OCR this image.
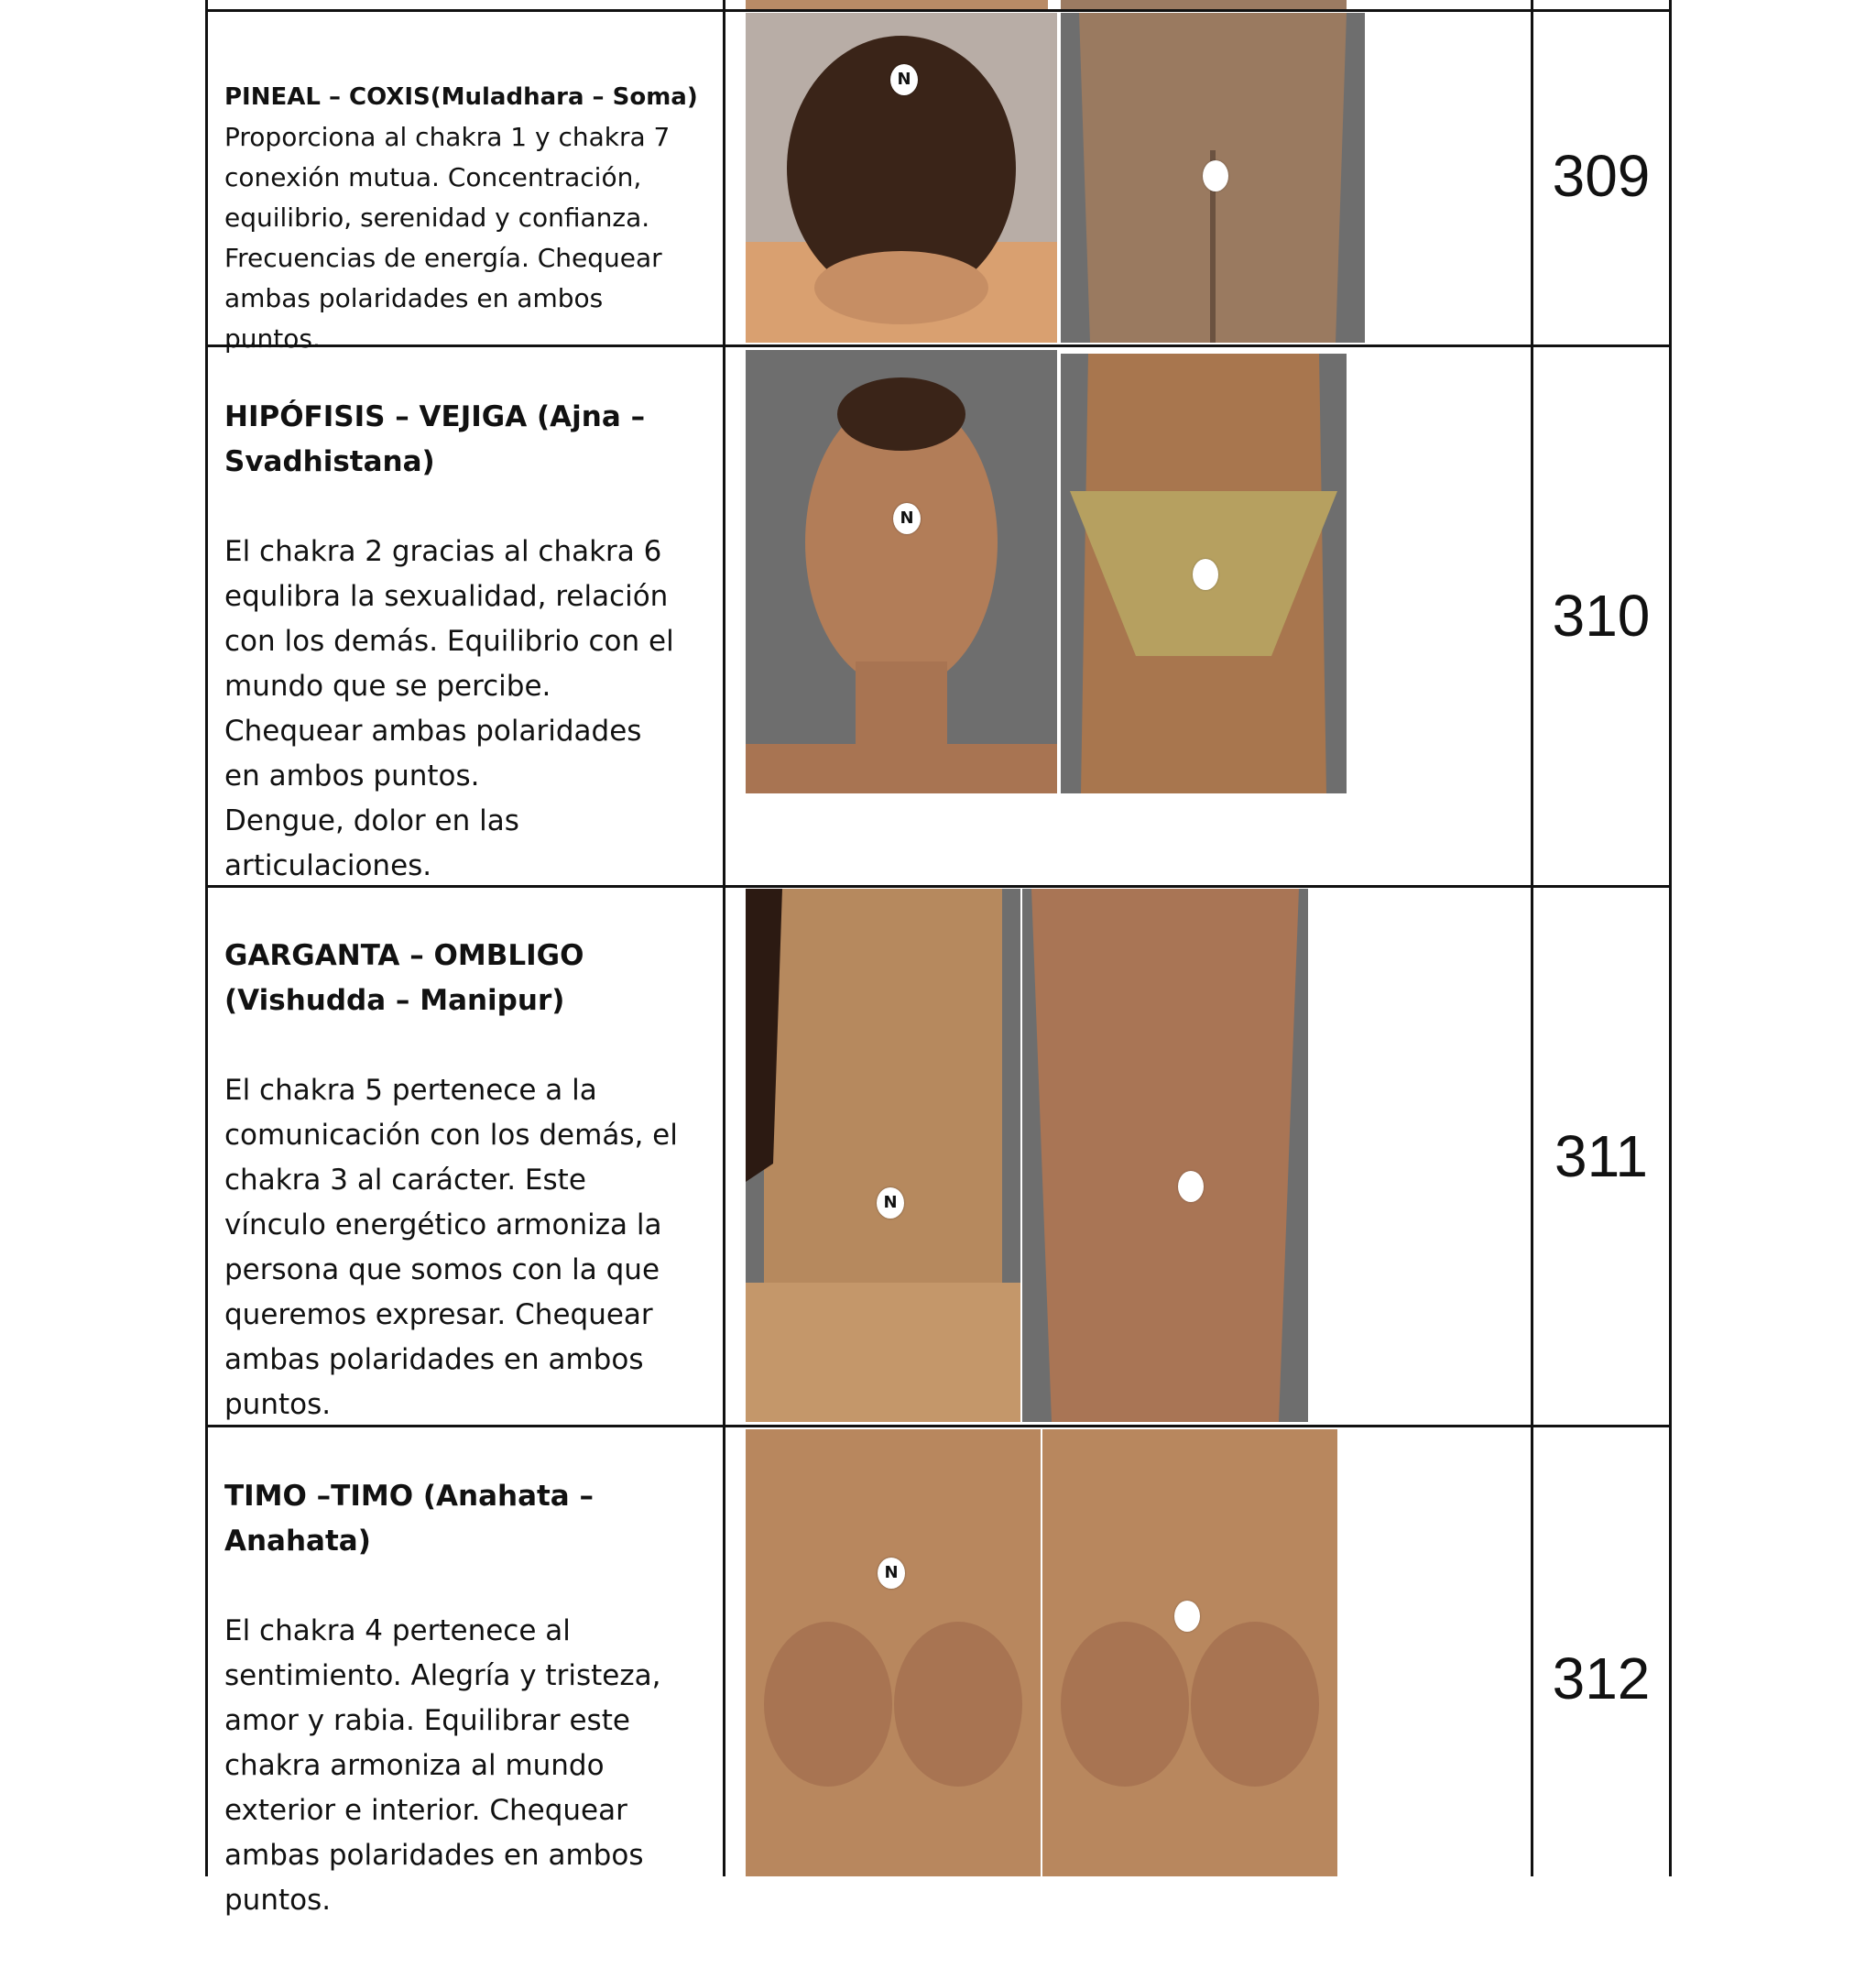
PINEAL – COXIS(Muladhara – Soma)
Proporciona al chakra 1 y chakra 7
conexión mutua. Concentración,
equilibrio, serenidad y confianza.
Frecuencias de energía. Chequear
ambas polaridades en ambos
puntos.

N
309

HIPÓFISIS – VEJIGA (Ajna –
Svadhistana)
El chakra 2 gracias al chakra 6
equlibra la sexualidad, relación
con los demás. Equilibrio con el
mundo que se percibe.
Chequear ambas polaridades
en ambos puntos.
Dengue, dolor en las
articulaciones.

N
310

GARGANTA – OMBLIGO
(Vishudda – Manipur)
El chakra 5 pertenece a la
comunicación con los demás, el
chakra 3 al carácter. Este
vínculo energético armoniza la
persona que somos con la que
queremos expresar. Chequear
ambas polaridades en ambos
puntos.

N
311

TIMO –TIMO (Anahata –
Anahata)
El chakra 4 pertenece al
sentimiento. Alegría y tristeza,
amor y rabia. Equilibrar este
chakra armoniza al mundo
exterior e interior. Chequear
ambas polaridades en ambos
puntos.

N
312
